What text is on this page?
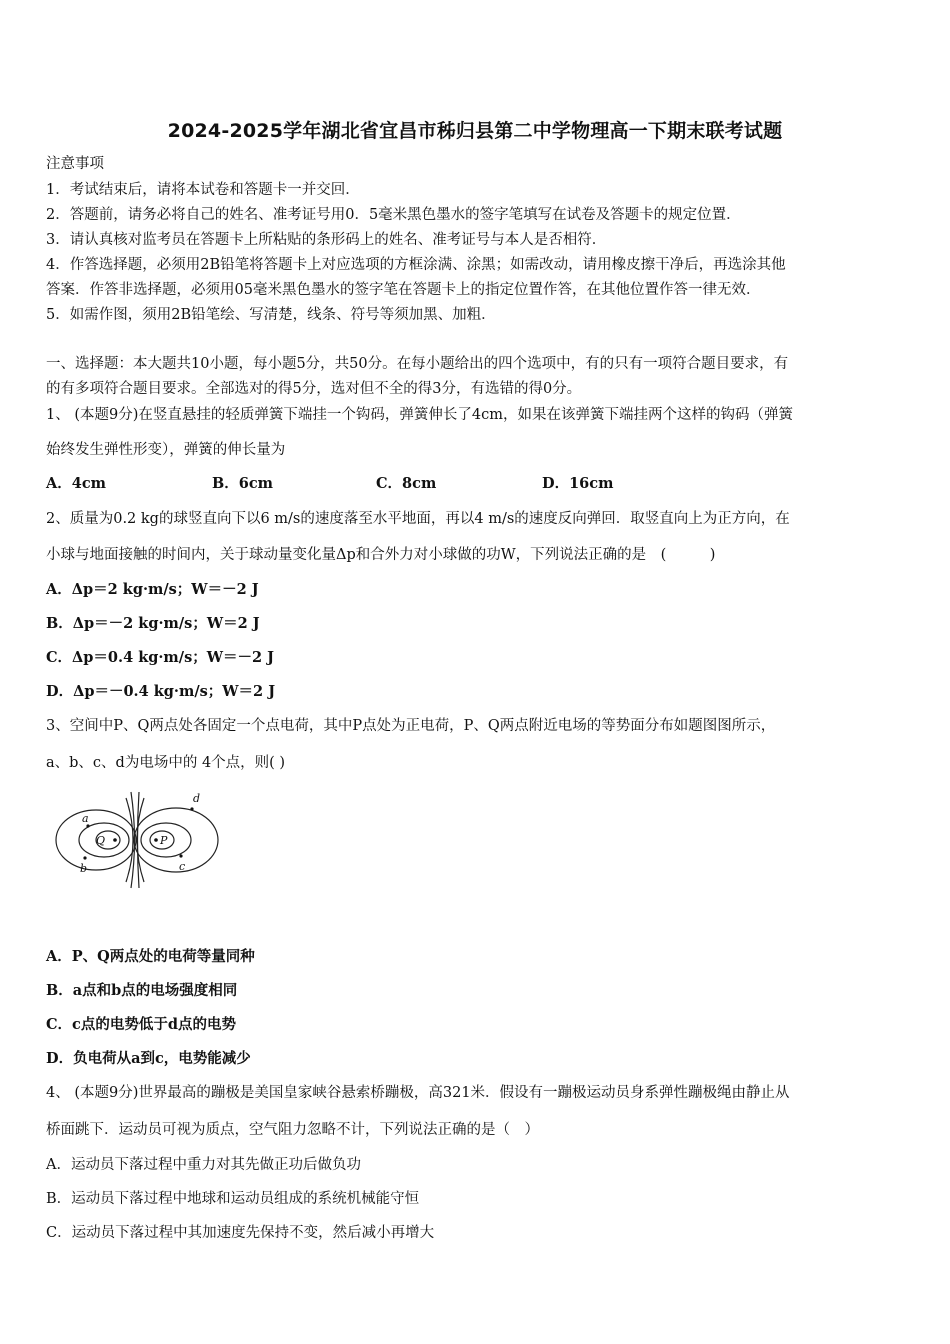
2024-2025学年湖北省宜昌市秭归县第二中学物理高一下期末联考试题
注意事项
1．考试结束后，请将本试卷和答题卡一并交回．
2．答题前，请务必将自己的姓名、准考证号用0．5毫米黑色墨水的签字笔填写在试卷及答题卡的规定位置．
3．请认真核对监考员在答题卡上所粘贴的条形码上的姓名、准考证号与本人是否相符．
4．作答选择题，必须用2B铅笔将答题卡上对应选项的方框涂满、涂黑；如需改动，请用橡皮擦干净后，再选涂其他
答案．作答非选择题，必须用05毫米黑色墨水的签字笔在答题卡上的指定位置作答，在其他位置作答一律无效．
5．如需作图，须用2B铅笔绘、写清楚，线条、符号等须加黑、加粗．
一、选择题：本大题共10小题，每小题5分，共50分。在每小题给出的四个选项中，有的只有一项符合题目要求，有
的有多项符合题目要求。全部选对的得5分，选对但不全的得3分，有选错的得0分。
1、 (本题9分)在竖直悬挂的轻质弹簧下端挂一个钩码，弹簧伸长了4cm，如果在该弹簧下端挂两个这样的钩码（弹簧
始终发生弹性形变），弹簧的伸长量为
A．4cm	B．6cm	C．8cm	D．16cm
2、质量为0.2 kg的球竖直向下以6 m/s的速度落至水平地面，再以4 m/s的速度反向弹回．取竖直向上为正方向，在
小球与地面接触的时间内，关于球动量变化量Δp和合外力对小球做的功W，下列说法正确的是　(　　　)
A．Δp＝2 kg·m/s；W＝－2 J
B．Δp＝－2 kg·m/s；W＝2 J
C．Δp＝0.4 kg·m/s；W＝－2 J
D．Δp＝－0.4 kg·m/s；W＝2 J
3、空间中P、Q两点处各固定一个点电荷，其中P点处为正电荷，P、Q两点附近电场的等势面分布如题图图所示，
a、b、c、d为电场中的 4个点，则( )
Q	P
a
b	c
d
A．P、Q两点处的电荷等量同种
B．a点和b点的电场强度相同
C．c点的电势低于d点的电势
D．负电荷从a到c，电势能减少
4、 (本题9分)世界最高的蹦极是美国皇家峡谷悬索桥蹦极，高321米．假设有一蹦极运动员身系弹性蹦极绳由静止从
桥面跳下．运动员可视为质点，空气阻力忽略不计，下列说法正确的是（　）
A．运动员下落过程中重力对其先做正功后做负功
B．运动员下落过程中地球和运动员组成的系统机械能守恒
C．运动员下落过程中其加速度先保持不变，然后减小再增大
